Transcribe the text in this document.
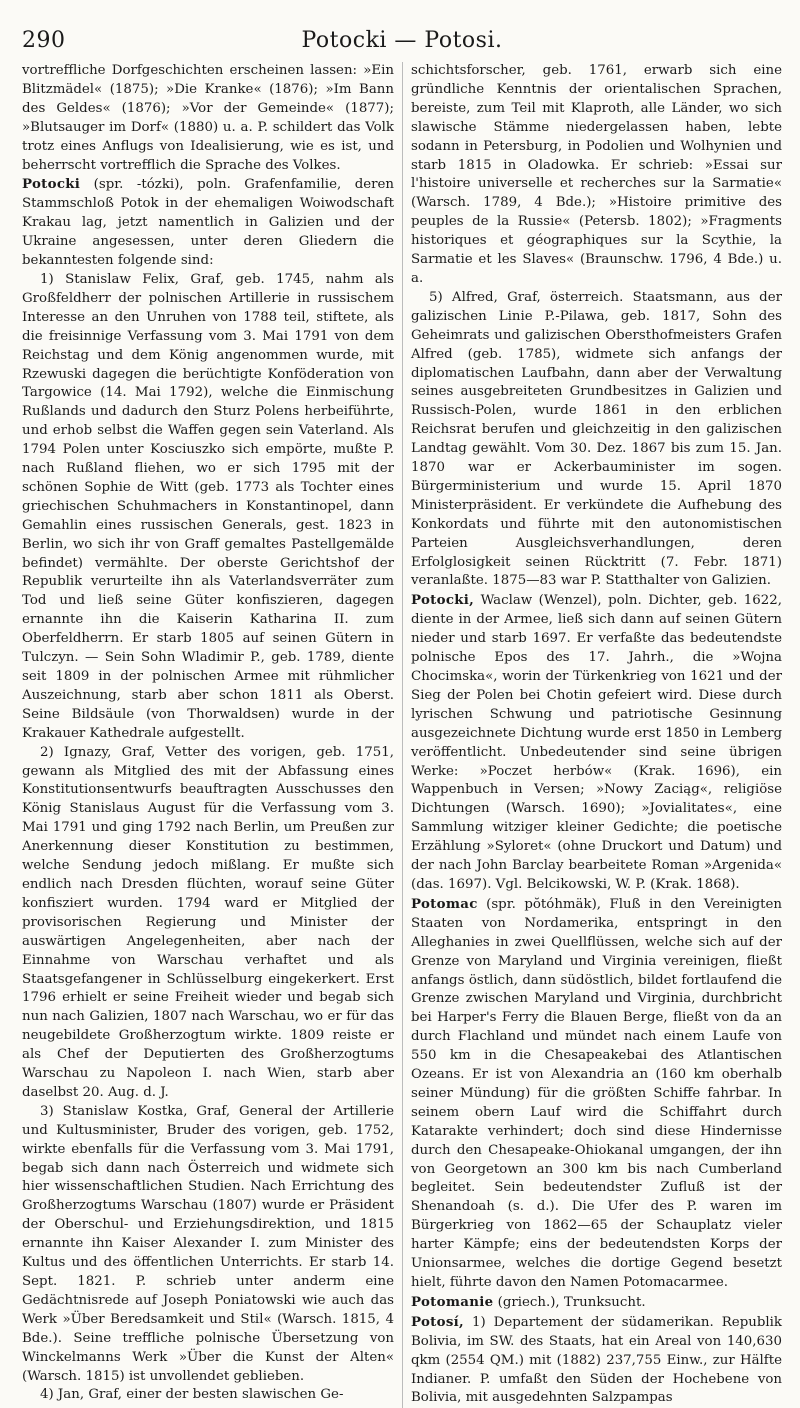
290	Potocki — Potosi.

vortreffliche Dorfgeschichten erscheinen lassen: »Ein Blitzmädel« (1875); »Die Kranke« (1876); »Im Bann des Geldes« (1876); »Vor der Gemeinde« (1877); »Blutsauger im Dorf« (1880) u. a. P. schildert das Volk trotz eines Anflugs von Idealisierung, wie es ist, und beherrscht vortrefflich die Sprache des Volkes.

Potocki (spr. -tózki), poln. Grafenfamilie, deren Stammschloß Potok in der ehemaligen Woiwodschaft Krakau lag, jetzt namentlich in Galizien und der Ukraine angesessen, unter deren Gliedern die bekanntesten folgende sind:

1) Stanislaw Felix, Graf, geb. 1745, nahm als Großfeldherr der polnischen Artillerie in russischem Interesse an den Unruhen von 1788 teil, stiftete, als die freisinnige Verfassung vom 3. Mai 1791 von dem Reichstag und dem König angenommen wurde, mit Rzewuski dagegen die berüchtigte Konföderation von Targowice (14. Mai 1792), welche die Einmischung Rußlands und dadurch den Sturz Polens herbeiführte, und erhob selbst die Waffen gegen sein Vaterland. Als 1794 Polen unter Kosciuszko sich empörte, mußte P. nach Rußland fliehen, wo er sich 1795 mit der schönen Sophie de Witt (geb. 1773 als Tochter eines griechischen Schuhmachers in Konstantinopel, dann Gemahlin eines russischen Generals, gest. 1823 in Berlin, wo sich ihr von Graff gemaltes Pastellgemälde befindet) vermählte. Der oberste Gerichtshof der Republik verurteilte ihn als Vaterlandsverräter zum Tod und ließ seine Güter konfiszieren, dagegen ernannte ihn die Kaiserin Katharina II. zum Oberfeldherrn. Er starb 1805 auf seinen Gütern in Tulczyn. — Sein Sohn Wladimir P., geb. 1789, diente seit 1809 in der polnischen Armee mit rühmlicher Auszeichnung, starb aber schon 1811 als Oberst. Seine Bildsäule (von Thorwaldsen) wurde in der Krakauer Kathedrale aufgestellt.

2) Ignazy, Graf, Vetter des vorigen, geb. 1751, gewann als Mitglied des mit der Abfassung eines Konstitutionsentwurfs beauftragten Ausschusses den König Stanislaus August für die Verfassung vom 3. Mai 1791 und ging 1792 nach Berlin, um Preußen zur Anerkennung dieser Konstitution zu bestimmen, welche Sendung jedoch mißlang. Er mußte sich endlich nach Dresden flüchten, worauf seine Güter konfisziert wurden. 1794 ward er Mitglied der provisorischen Regierung und Minister der auswärtigen Angelegenheiten, aber nach der Einnahme von Warschau verhaftet und als Staatsgefangener in Schlüsselburg eingekerkert. Erst 1796 erhielt er seine Freiheit wieder und begab sich nun nach Galizien, 1807 nach Warschau, wo er für das neugebildete Großherzogtum wirkte. 1809 reiste er als Chef der Deputierten des Großherzogtums Warschau zu Napoleon I. nach Wien, starb aber daselbst 20. Aug. d. J.

3) Stanislaw Kostka, Graf, General der Artillerie und Kultusminister, Bruder des vorigen, geb. 1752, wirkte ebenfalls für die Verfassung vom 3. Mai 1791, begab sich dann nach Österreich und widmete sich hier wissenschaftlichen Studien. Nach Errichtung des Großherzogtums Warschau (1807) wurde er Präsident der Oberschul- und Erziehungsdirektion, und 1815 ernannte ihn Kaiser Alexander I. zum Minister des Kultus und des öffentlichen Unterrichts. Er starb 14. Sept. 1821. P. schrieb unter anderm eine Gedächtnisrede auf Joseph Poniatowski wie auch das Werk »Über Beredsamkeit und Stil« (Warsch. 1815, 4 Bde.). Seine treffliche polnische Übersetzung von Winckelmanns Werk »Über die Kunst der Alten« (Warsch. 1815) ist unvollendet geblieben.

4) Jan, Graf, einer der besten slawischen Ge-

schichtsforscher, geb. 1761, erwarb sich eine gründliche Kenntnis der orientalischen Sprachen, bereiste, zum Teil mit Klaproth, alle Länder, wo sich slawische Stämme niedergelassen haben, lebte sodann in Petersburg, in Podolien und Wolhynien und starb 1815 in Oladowka. Er schrieb: »Essai sur l'histoire universelle et recherches sur la Sarmatie« (Warsch. 1789, 4 Bde.); »Histoire primitive des peuples de la Russie« (Petersb. 1802); »Fragments historiques et géographiques sur la Scythie, la Sarmatie et les Slaves« (Braunschw. 1796, 4 Bde.) u. a.

5) Alfred, Graf, österreich. Staatsmann, aus der galizischen Linie P.-Pilawa, geb. 1817, Sohn des Geheimrats und galizischen Obersthofmeisters Grafen Alfred (geb. 1785), widmete sich anfangs der diplomatischen Laufbahn, dann aber der Verwaltung seines ausgebreiteten Grundbesitzes in Galizien und Russisch-Polen, wurde 1861 in den erblichen Reichsrat berufen und gleichzeitig in den galizischen Landtag gewählt. Vom 30. Dez. 1867 bis zum 15. Jan. 1870 war er Ackerbauminister im sogen. Bürgerministerium und wurde 15. April 1870 Ministerpräsident. Er verkündete die Aufhebung des Konkordats und führte mit den autonomistischen Parteien Ausgleichsverhandlungen, deren Erfolglosigkeit seinen Rücktritt (7. Febr. 1871) veranlaßte. 1875—83 war P. Statthalter von Galizien.

Potocki, Waclaw (Wenzel), poln. Dichter, geb. 1622, diente in der Armee, ließ sich dann auf seinen Gütern nieder und starb 1697. Er verfaßte das bedeutendste polnische Epos des 17. Jahrh., die »Wojna Chocimska«, worin der Türkenkrieg von 1621 und der Sieg der Polen bei Chotin gefeiert wird. Diese durch lyrischen Schwung und patriotische Gesinnung ausgezeichnete Dichtung wurde erst 1850 in Lemberg veröffentlicht. Unbedeutender sind seine übrigen Werke: »Poczet herbów« (Krak. 1696), ein Wappenbuch in Versen; »Nowy Zaciąg«, religiöse Dichtungen (Warsch. 1690); »Jovialitates«, eine Sammlung witziger kleiner Gedichte; die poetische Erzählung »Syloret« (ohne Druckort und Datum) und der nach John Barclay bearbeitete Roman »Argenida« (das. 1697). Vgl. Belcikowski, W. P. (Krak. 1868).

Potomac (spr. pŏtóhmäk), Fluß in den Vereinigten Staaten von Nordamerika, entspringt in den Alleghanies in zwei Quellflüssen, welche sich auf der Grenze von Maryland und Virginia vereinigen, fließt anfangs östlich, dann südöstlich, bildet fortlaufend die Grenze zwischen Maryland und Virginia, durchbricht bei Harper's Ferry die Blauen Berge, fließt von da an durch Flachland und mündet nach einem Laufe von 550 km in die Chesapeakebai des Atlantischen Ozeans. Er ist von Alexandria an (160 km oberhalb seiner Mündung) für die größten Schiffe fahrbar. In seinem obern Lauf wird die Schiffahrt durch Katarakte verhindert; doch sind diese Hindernisse durch den Chesapeake-Ohiokanal umgangen, der ihn von Georgetown an 300 km bis nach Cumberland begleitet. Sein bedeutendster Zufluß ist der Shenandoah (s. d.). Die Ufer des P. waren im Bürgerkrieg von 1862—65 der Schauplatz vieler harter Kämpfe; eins der bedeutendsten Korps der Unionsarmee, welches die dortige Gegend besetzt hielt, führte davon den Namen Potomacarmee.

Potomanie (griech.), Trunksucht.

Potosí, 1) Departement der südamerikan. Republik Bolivia, im SW. des Staats, hat ein Areal von 140,630 qkm (2554 QM.) mit (1882) 237,755 Einw., zur Hälfte Indianer. P. umfaßt den Süden der Hochebene von Bolivia, mit ausgedehnten Salzpampas
